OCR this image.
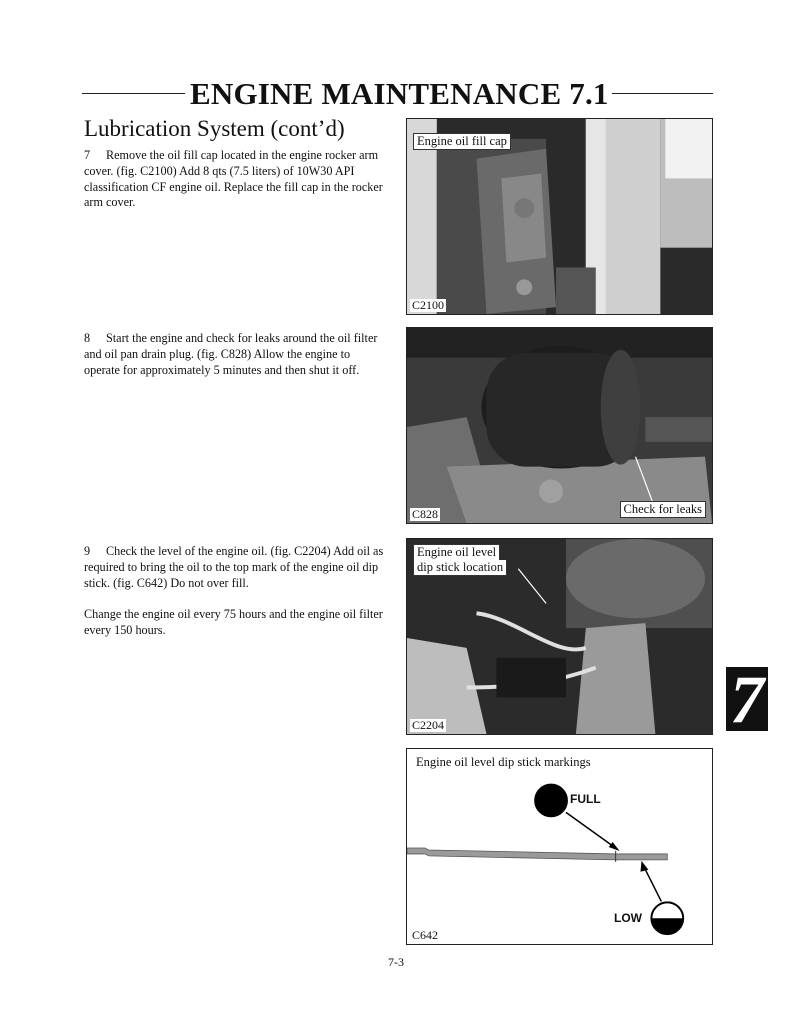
ENGINE MAINTENANCE 7.1
Lubrication System (cont’d)
7 Remove the oil fill cap located in the engine rocker arm cover. (fig. C2100) Add 8 qts (7.5 liters) of 10W30 API classification CF engine oil. Replace the fill cap in the rocker arm cover.
8 Start the engine and check for leaks around the oil filter and oil pan drain plug. (fig. C828) Allow the engine to operate for approximately 5 minutes and then shut it off.
9 Check the level of the engine oil. (fig. C2204) Add oil as required to bring the oil to the top mark of the engine oil dip stick. (fig. C642) Do not over fill.
Change the engine oil every 75 hours and the engine oil filter every 150 hours.
Engine oil fill cap
C2100
Check for leaks
C828
Engine oil level
dip stick location
C2204
Engine oil level dip stick markings
FULL
LOW
C642
7
7-3
